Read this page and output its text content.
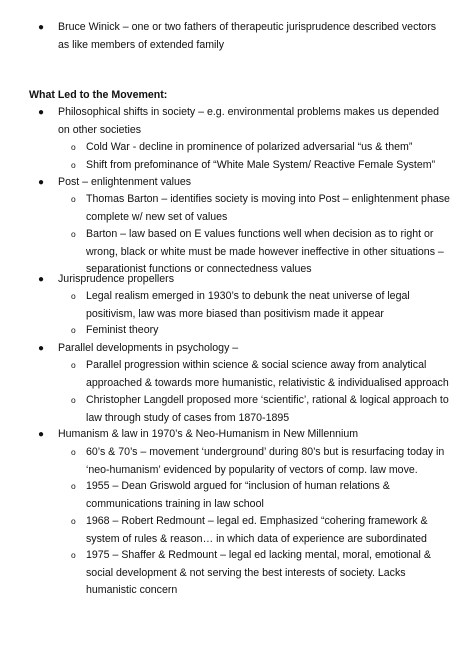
● Bruce Winick – one or two fathers of therapeutic jurisprudence described vectors as like members of extended family
What Led to the Movement:
● Philosophical shifts in society – e.g. environmental problems makes us depended on other societies
o Cold War - decline in prominence of polarized adversarial “us & them”
o Shift from prefominance of “White Male System/ Reactive Female System”
● Post – enlightenment values
o Thomas Barton – identifies society is moving into Post – enlightenment phase complete w/ new set of values
o Barton – law based on E values functions well when decision as to right or wrong, black or white must be made however ineffective in other situations – separationist functions or connectedness values
● Jurisprudence propellers
o Legal realism emerged in 1930’s to debunk the neat universe of legal positivism, law was more biased than positivism made it appear
o Feminist theory
● Parallel developments in psychology –
o Parallel progression within science & social science away from analytical approached & towards more humanistic, relativistic & individualised approach
o Christopher Langdell proposed more ‘scientific’, rational & logical approach to law through study of cases from 1870-1895
● Humanism & law in 1970’s & Neo-Humanism in New Millennium
o 60’s & 70’s – movement ‘underground’ during 80’s but is resurfacing today in ‘neo-humanism’ evidenced by popularity of vectors of comp. law move.
o 1955 – Dean Griswold argued for “inclusion of human relations & communications training in law school
o 1968 – Robert Redmount – legal ed. Emphasized “cohering framework & system of rules & reason… in which data of experience are subordinated
o 1975 – Shaffer & Redmount – legal ed lacking mental, moral, emotional & social development & not serving the best interests of society. Lacks humanistic concern
